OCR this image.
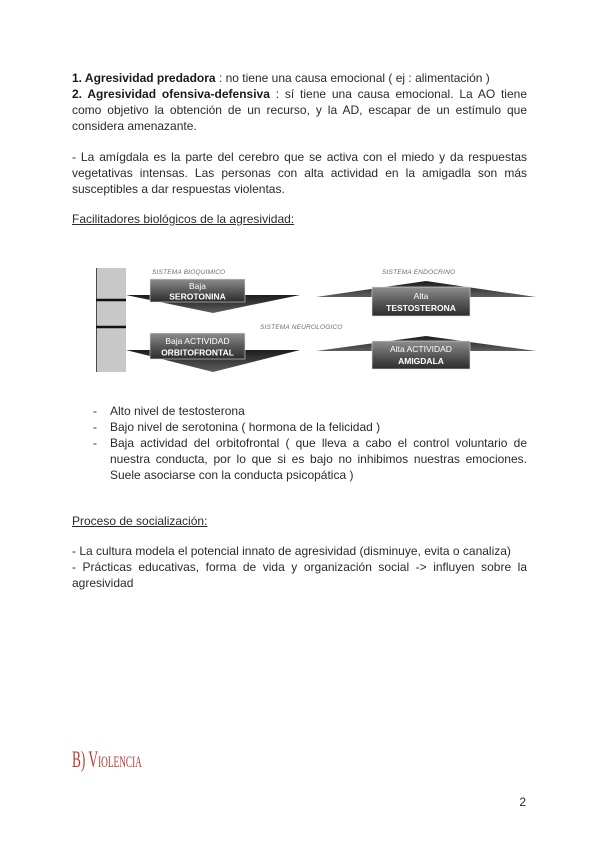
1. Agresividad predadora : no tiene una causa emocional ( ej : alimentación )
2. Agresividad ofensiva-defensiva : sí tiene una causa emocional. La AO tiene
como objetivo la obtención de un recurso, y la AD, escapar de un estímulo que
considera amenazante.
- La amígdala es la parte del cerebro que se activa con el miedo y da respuestas
vegetativas intensas. Las personas con alta actividad en la amigadla son más
susceptibles a dar respuestas violentas.
Facilitadores biológicos de la agresividad:
SISTEMA BIOQUIMICO	SISTEMA ENDOCRINO
SISTEMA NEUROLOGICO
Baja
SEROTONINA	Alta
TESTOSTERONA
Baja ACTIVIDAD
ORBITOFRONTAL	Alta ACTIVIDAD
AMIGDALA
- Alto nivel de testosterona
- Bajo nivel de serotonina ( hormona de la felicidad )
- Baja actividad del orbitofrontal ( que lleva a cabo el control voluntario de
nuestra conducta, por lo que si es bajo no inhibimos nuestras emociones.
Suele asociarse con la conducta psicopática )
Proceso de socialización:
- La cultura modela el potencial innato de agresividad (disminuye, evita o canaliza)
- Prácticas educativas, forma de vida y organización social -> influyen sobre la
agresividad
B) Violencia
2
